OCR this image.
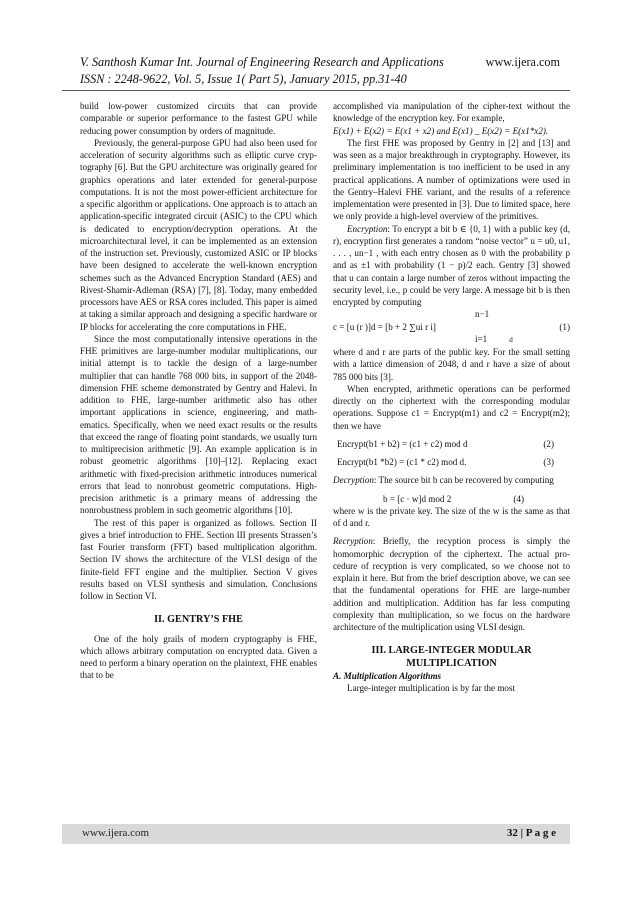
V. Santhosh Kumar Int. Journal of Engineering Research and Applications	www.ijera.com
ISSN : 2248-9622, Vol. 5, Issue 1( Part 5), January 2015, pp.31-40

build low-power customized circuits that can provide comparable or superior performance to the fastest GPU while reducing power consumption by orders of magnitude.

Previously, the general-purpose GPU had also been used for acceleration of security algorithms such as elliptic curve cryp-tography [6]. But the GPU architecture was originally geared for graphics operations and later extended for general-purpose computations. It is not the most power-efficient architecture for a specific algorithm or applications. One approach is to attach an application-specific integrated circuit (ASIC) to the CPU which is dedicated to encryption/decryption operations. At the microarchitectural level, it can be implemented as an extension of the instruction set. Previously, customized ASIC or IP blocks have been designed to accelerate the well-known encryption schemes such as the Advanced Encryption Standard (AES) and Rivest-Shamir-Adleman (RSA) [7], [8]. Today, many embedded processors have AES or RSA cores included. This paper is aimed at taking a similar approach and designing a specific hardware or IP blocks for accelerating the core computations in FHE.

Since the most computationally intensive operations in the FHE primitives are large-number modular multiplications, our initial attempt is to tackle the design of a large-number multiplier that can handle 768 000 bits, in support of the 2048-dimension FHE scheme demonstrated by Gentry and Halevi. In addition to FHE, large-number arithmetic also has other important applications in science, engineering, and math-ematics. Specifically, when we need exact results or the results that exceed the range of floating point standards, we usually turn to multiprecision arithmetic [9]. An example application is in robust geometric algorithms [10]–[12]. Replacing exact arithmetic with fixed-precision arithmetic introduces numerical errors that lead to nonrobust geometric computations. High-precision arithmetic is a primary means of addressing the nonrobustness problem in such geometric algorithms [10].

The rest of this paper is organized as follows. Section II gives a brief introduction to FHE. Section III presents Strassen’s fast Fourier transform (FFT) based multiplication algorithm. Section IV shows the architecture of the VLSI design of the finite-field FFT engine and the multiplier. Section V gives results based on VLSI synthesis and simulation. Conclusions follow in Section VI.

II. GENTRY’S FHE

One of the holy grails of modern cryptography is FHE, which allows arbitrary computation on encrypted data. Given a need to perform a binary operation on the plaintext, FHE enables that to be

accomplished via manipulation of the cipher-text without the knowledge of the encryption key. For example,

E(x1) + E(x2) = E(x1 + x2) and E(x1) _ E(x2) = E(x1*x2).

The first FHE was proposed by Gentry in [2] and [13] and was seen as a major breakthrough in cryptography. However, its preliminary implementation is too inefficient to be used in any practical applications. A number of optimizations were used in the Gentry–Halevi FHE variant, and the results of a reference implementation were presented in [3]. Due to limited space, here we only provide a high-level overview of the primitives.

Encryption: To encrypt a bit b ∈ {0, 1} with a public key (d, r), encryption first generates a random “noise vector” u = u0, u1, . . . , un−1 , with each entry chosen as 0 with the probability p and as ±1 with probability (1 − p)/2 each. Gentry [3] showed that u can contain a large number of zeros without impacting the security level, i.e., p could be very large. A message bit b is then encrypted by computing

n−1
c = [u (r )]d = [b + 2 ∑ui r i]	(1)
i=1	d

where d and r are parts of the public key. For the small setting with a lattice dimension of 2048, d and r have a size of about 785 000 bits [3].

When encrypted, arithmetic operations can be performed directly on the ciphertext with the corresponding modular operations. Suppose c1 = Encrypt(m1) and c2 = Encrypt(m2); then we have

Encrypt(b1 + b2) = (c1 + c2) mod d	(2)
Encrypt(b1 *b2) = (c1 * c2) mod d.	(3)

Decryption: The source bit b can be recovered by computing

b = [c · w]d mod 2	(4)

where w is the private key. The size of the w is the same as that of d and r.

Recryption: Briefly, the recyption process is simply the homomorphic decryption of the ciphertext. The actual pro-cedure of recyption is very complicated, so we choose not to explain it here. But from the brief description above, we can see that the fundamental operations for FHE are large-number addition and multiplication. Addition has far less computing complexity than multiplication, so we focus on the hardware architecture of the multiplication using VLSI design.

III. LARGE-INTEGER MODULAR
MULTIPLICATION

A. Multiplication Algorithms

Large-integer multiplication is by far the most

www.ijera.com	32 | P a g e
